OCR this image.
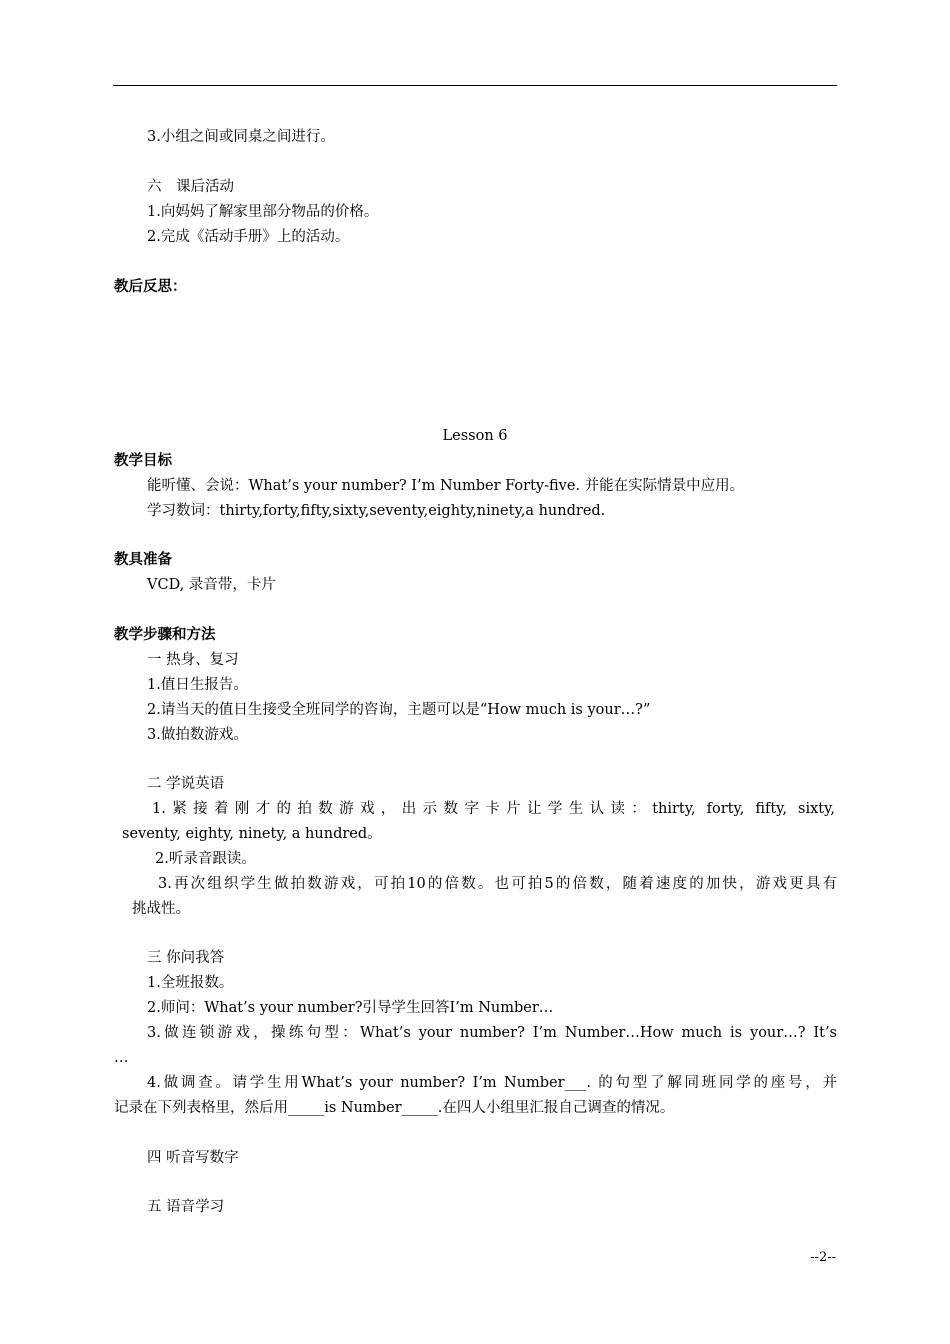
3.小组之间或同桌之间进行。
六　课后活动
1.向妈妈了解家里部分物品的价格。
2.完成《活动手册》上的活动。
教后反思：
Lesson 6
教学目标
能听懂、会说：What’s your number? I’m Number Forty-five. 并能在实际情景中应用。
学习数词：thirty,forty,fifty,sixty,seventy,eighty,ninety,a hundred.
教具准备
VCD, 录音带，卡片
教学步骤和方法
一 热身、复习
1.值日生报告。
2.请当天的值日生接受全班同学的咨询，主题可以是“How much is your…?”
3.做拍数游戏。
二 学说英语
1.紧接着刚才的拍数游戏，出示数字卡片让学生认读：thirty, forty, fifty, sixty,
seventy, eighty, ninety, a hundred。
2.听录音跟读。
3.再次组织学生做拍数游戏，可拍10的倍数。也可拍5的倍数，随着速度的加快，游戏更具有
挑战性。
三 你问我答
1.全班报数。
2.师问：What’s your number?引导学生回答I’m Number…
3.做连锁游戏，操练句型：What’s your number? I’m Number…How much is your…? It’s
…
4.做调查。请学生用What’s your number? I’m Number___. 的句型了解同班同学的座号，并
记录在下列表格里，然后用_____is Number_____.在四人小组里汇报自己调查的情况。
四 听音写数字
五 语音学习
--2--
